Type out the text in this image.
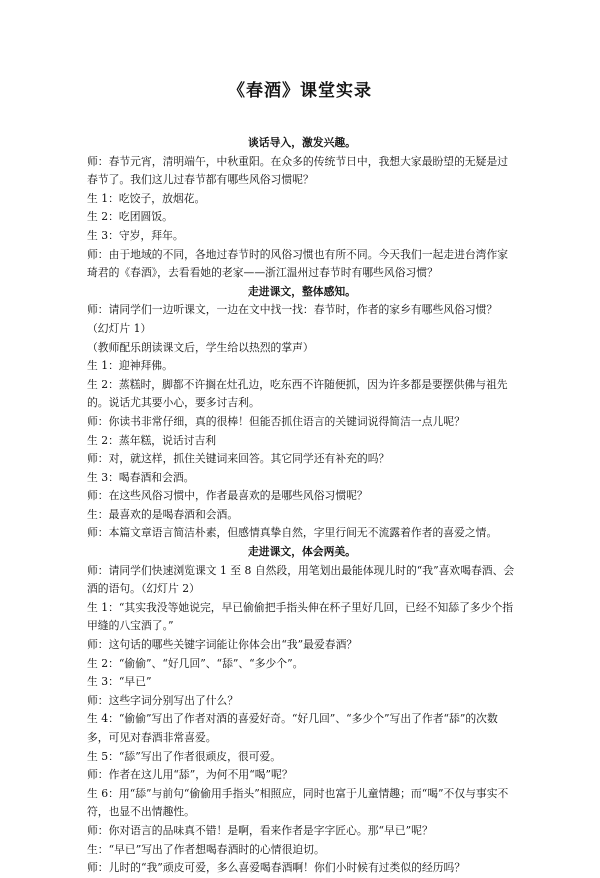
《春酒》课堂实录
谈话导入，激发兴趣。

师：春节元宵，清明端午，中秋重阳。在众多的传统节日中，我想大家最盼望的无疑是过春节了。我们这儿过春节都有哪些风俗习惯呢？

生 1：吃饺子，放烟花。

生 2：吃团圆饭。

生 3：守岁，拜年。

师：由于地域的不同，各地过春节时的风俗习惯也有所不同。今天我们一起走进台湾作家琦君的《春酒》，去看看她的老家——浙江温州过春节时有哪些风俗习惯？

走进课文，整体感知。

师：请同学们一边听课文，一边在文中找一找：春节时，作者的家乡有哪些风俗习惯？（幻灯片 1）

（教师配乐朗读课文后，学生给以热烈的掌声）

生 1：迎神拜佛。

生 2：蒸糕时，脚都不许搁在灶孔边，吃东西不许随便抓，因为许多都是要摆供佛与祖先的。说话尤其要小心，要多讨吉利。

师：你读书非常仔细，真的很棒！但能否抓住语言的关键词说得简洁一点儿呢？

生 2：蒸年糕，说话讨吉利

师：对，就这样，抓住关键词来回答。其它同学还有补充的吗？

生 3：喝春酒和会酒。

师：在这些风俗习惯中，作者最喜欢的是哪些风俗习惯呢？

生：最喜欢的是喝春酒和会酒。

师：本篇文章语言简洁朴素，但感情真挚自然，字里行间无不流露着作者的喜爱之情。

走进课文，体会两美。

师：请同学们快速浏览课文 1 至 8 自然段，用笔划出最能体现儿时的“我”喜欢喝春酒、会酒的语句。（幻灯片 2）

生 1：“其实我没等她说完，早已偷偷把手指头伸在杯子里好几回，已经不知舔了多少个指甲缝的八宝酒了。”

师：这句话的哪些关键字词能让你体会出“我”最爱春酒？

生 2：“偷偷”、“好几回”、“舔”、“多少个”。

生 3：“早已”

师：这些字词分别写出了什么？

生 4：“偷偷”写出了作者对酒的喜爱好奇。“好几回”、“多少个”写出了作者“舔”的次数多，可见对春酒非常喜爱。

生 5：“舔”写出了作者很顽皮，很可爱。

师：作者在这儿用“舔”，为何不用“喝”呢？

生 6：用“舔”与前句“偷偷用手指头”相照应，同时也富于儿童情趣；而“喝”不仅与事实不符，也显不出情趣性。

师：你对语言的品味真不错！是啊，看来作者是字字匠心。那“早已”呢？

生：“早已”写出了作者想喝春酒时的心情很迫切。

师：儿时的“我”顽皮可爱，多么喜爱喝春酒啊！你们小时候有过类似的经历吗？
